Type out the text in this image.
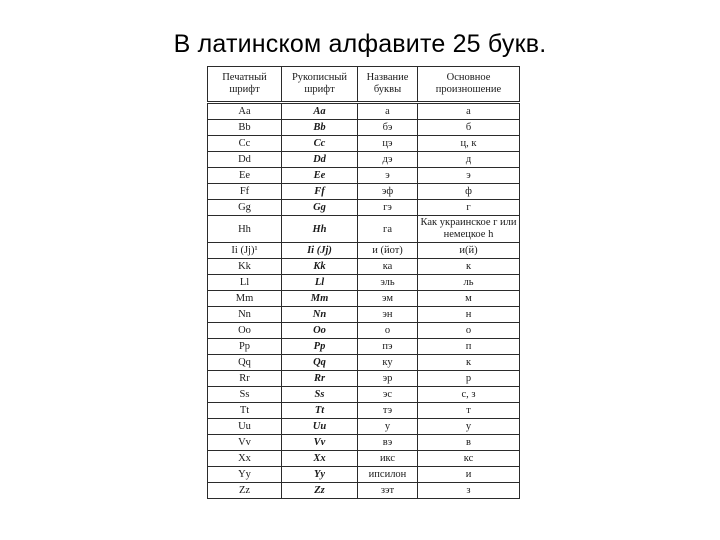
В латинском алфавите 25 букв.
Печатный шрифт	Рукописный шрифт	Название буквы	Основное произношение
Aa	Aa	a	a
Bb	Bb	бэ	б
Cc	Cc	цэ	ц, к
Dd	Dd	дэ	д
Ee	Ee	э	э
Ff	Ff	эф	ф
Gg	Gg	гэ	г
Hh	Hh	га	Как украинское г или немецкое h
Ii (Jj)¹	Ii (Jj)	и (йот)	и(й)
Kk	Kk	ка	к
Ll	Ll	эль	ль
Mm	Mm	эм	м
Nn	Nn	эн	н
Oo	Oo	o	o
Pp	Pp	пэ	п
Qq	Qq	ку	к
Rr	Rr	эр	р
Ss	Ss	эс	с, з
Tt	Tt	тэ	т
Uu	Uu	у	у
Vv	Vv	вэ	в
Xx	Xx	икс	кс
Yy	Yy	ипсилон	и
Zz	Zz	зэт	з
